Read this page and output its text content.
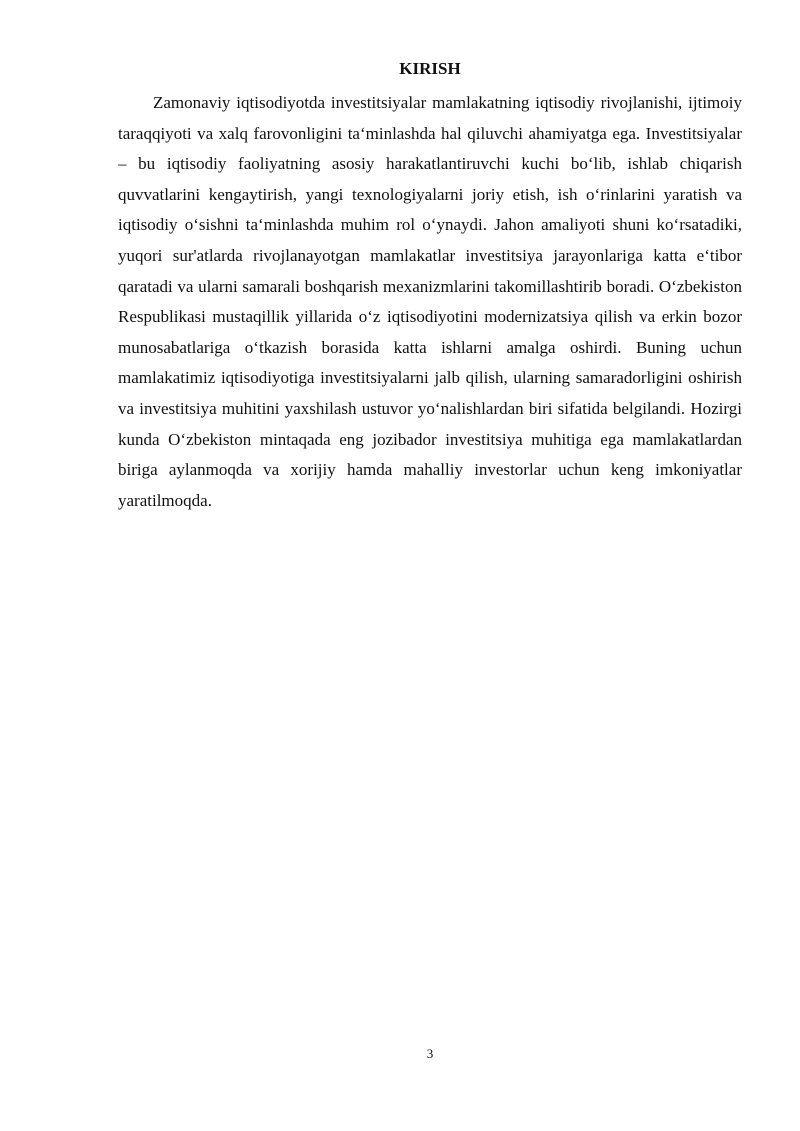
KIRISH

Zamonaviy iqtisodiyotda investitsiyalar mamlakatning iqtisodiy rivojlanishi, ijtimoiy taraqqiyoti va xalq farovonligini ta‘minlashda hal qiluvchi ahamiyatga ega. Investitsiyalar – bu iqtisodiy faoliyatning asosiy harakatlantiruvchi kuchi bo‘lib, ishlab chiqarish quvvatlarini kengaytirish, yangi texnologiyalarni joriy etish, ish o‘rinlarini yaratish va iqtisodiy o‘sishni ta‘minlashda muhim rol o‘ynaydi. Jahon amaliyoti shuni ko‘rsatadiki, yuqori sur'atlarda rivojlanayotgan mamlakatlar investitsiya jarayonlariga katta e‘tibor qaratadi va ularni samarali boshqarish mexanizmlarini takomillashtirib boradi. O‘zbekiston Respublikasi mustaqillik yillarida o‘z iqtisodiyotini modernizatsiya qilish va erkin bozor munosabatlariga o‘tkazish borasida katta ishlarni amalga oshirdi. Buning uchun mamlakatimiz iqtisodiyotiga investitsiyalarni jalb qilish, ularning samaradorligini oshirish va investitsiya muhitini yaxshilash ustuvor yo‘nalishlardan biri sifatida belgilandi. Hozirgi kunda O‘zbekiston mintaqada eng jozibador investitsiya muhitiga ega mamlakatlardan biriga aylanmoqda va xorijiy hamda mahalliy investorlar uchun keng imkoniyatlar yaratilmoqda.

3
